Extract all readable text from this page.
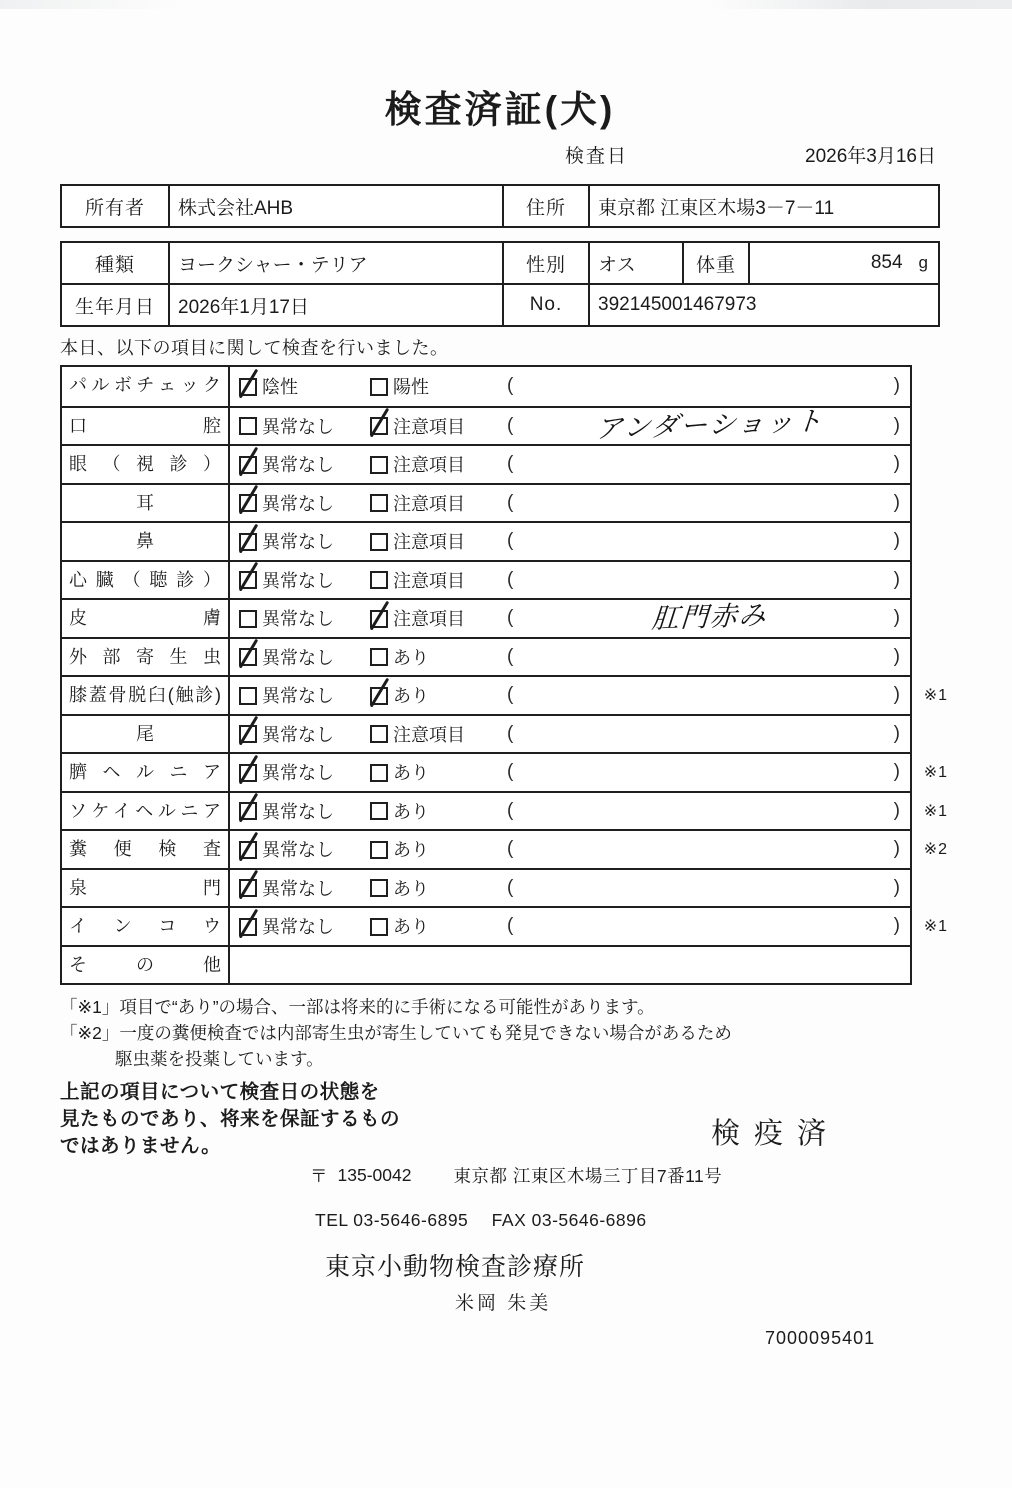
検査済証(犬)
検査日	2026年3月16日
所有者	株式会社AHB	住所	東京都 江東区木場3－7－11
種類	ヨークシャー・テリア	性別	オス	体重	854 g
生年月日	2026年1月17日	No.	392145001467973
本日、以下の項目に関して検査を行いました。
パルボチェック	陰性	陽性	(	)
口腔	異常なし	注意項目 (	アンダーショット	)
眼（視診）	異常なし	注意項目 (	)
耳	異常なし	注意項目 (	)
鼻	異常なし	注意項目 (	)
心臓（聴診）	異常なし	注意項目 (	)
皮膚	異常なし	注意項目 (	肛門赤み	)
外部寄生虫	異常なし	あり	(	)
膝蓋骨脱臼(触診)	異常なし	あり	(	) ※1
尾	異常なし	注意項目 (	)
臍ヘルニア	異常なし	あり	(	) ※1
ソケイヘルニア	異常なし	あり	(	) ※1
糞便検査	異常なし	あり	(	) ※2
泉門	異常なし	あり	(	)
インコウ	異常なし	あり	(	) ※1
その他
「※1」項目で“あり”の場合、一部は将来的に手術になる可能性があります。
「※2」一度の糞便検査では内部寄生虫が寄生していても発見できない場合があるため
駆虫薬を投薬しています。
上記の項目について検査日の状態を
見たものであり、将来を保証するもの
ではありません。	検疫済
〒 135-0042 東京都 江東区木場三丁目7番11号
TEL 03-5646-6895 FAX 03-5646-6896
東京小動物検査診療所
米岡 朱美
7000095401
